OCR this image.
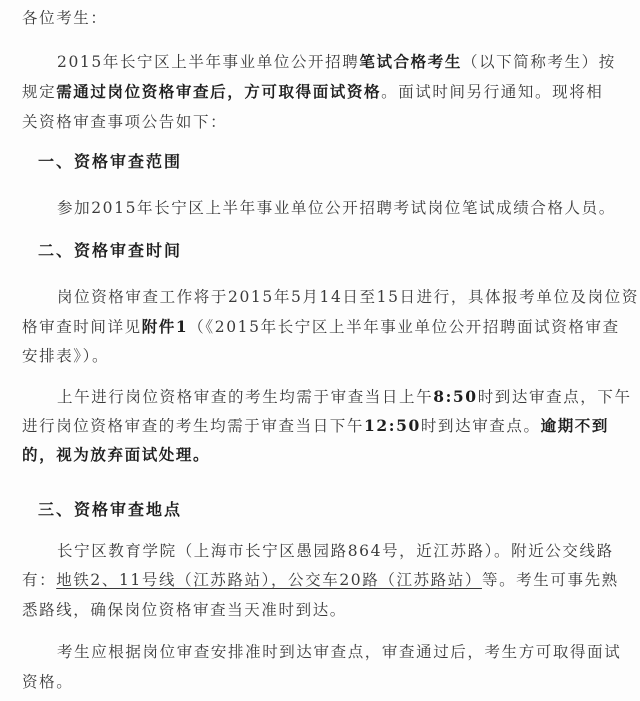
各位考生：
2015年长宁区上半年事业单位公开招聘笔试合格考生（以下简称考生）按
规定需通过岗位资格审查后，方可取得面试资格。面试时间另行通知。现将相
关资格审查事项公告如下：
一、资格审查范围
参加2015年长宁区上半年事业单位公开招聘考试岗位笔试成绩合格人员。
二、资格审查时间
岗位资格审查工作将于2015年5月14日至15日进行，具体报考单位及岗位资
格审查时间详见附件1（《2015年长宁区上半年事业单位公开招聘面试资格审查
安排表》）。
上午进行岗位资格审查的考生均需于审查当日上午8:50时到达审查点，下午
进行岗位资格审查的考生均需于审查当日下午12:50时到达审查点。逾期不到
的，视为放弃面试处理。
三、资格审查地点
长宁区教育学院（上海市长宁区愚园路864号，近江苏路）。附近公交线路
有：地铁2、11号线（江苏路站），公交车20路（江苏路站）等。考生可事先熟
悉路线，确保岗位资格审查当天准时到达。
考生应根据岗位审查安排准时到达审查点，审查通过后，考生方可取得面试
资格。
